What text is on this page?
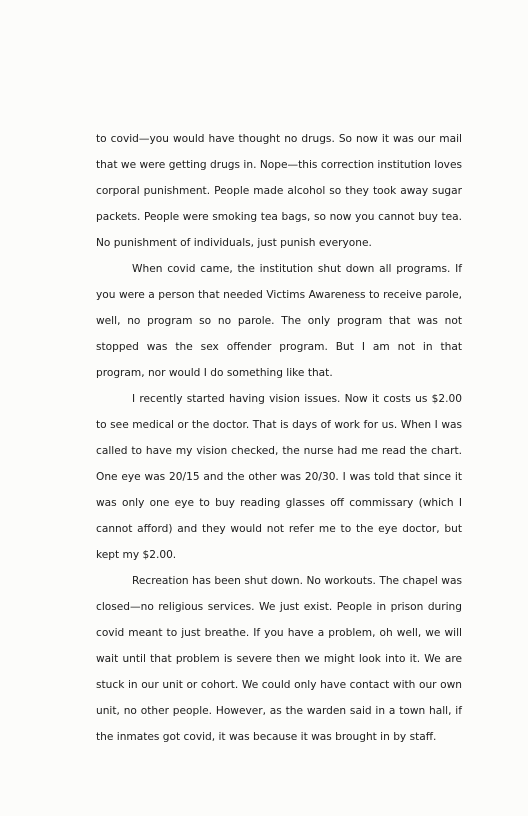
to covid—you would have thought no drugs. So now it was our mail that we were getting drugs in. Nope—this correction institution loves corporal punishment. People made alcohol so they took away sugar packets. People were smoking tea bags, so now you cannot buy tea. No punishment of individuals, just punish everyone.

When covid came, the institution shut down all programs. If you were a person that needed Victims Awareness to receive parole, well, no program so no parole. The only program that was not stopped was the sex offender program. But I am not in that program, nor would I do something like that.

I recently started having vision issues. Now it costs us $2.00 to see medical or the doctor. That is days of work for us. When I was called to have my vision checked, the nurse had me read the chart. One eye was 20/15 and the other was 20/30. I was told that since it was only one eye to buy reading glasses off commissary (which I cannot afford) and they would not refer me to the eye doctor, but kept my $2.00.

Recreation has been shut down. No workouts. The chapel was closed—no religious services. We just exist. People in prison during covid meant to just breathe. If you have a problem, oh well, we will wait until that problem is severe then we might look into it. We are stuck in our unit or cohort. We could only have contact with our own unit, no other people. However, as the warden said in a town hall, if the inmates got covid, it was because it was brought in by staff.
